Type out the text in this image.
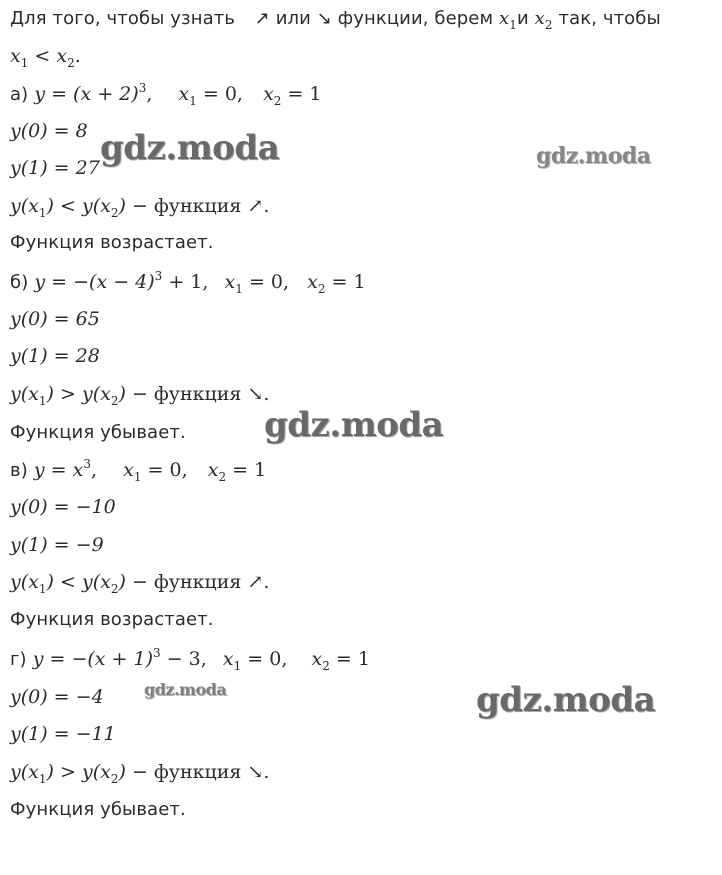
Для того, чтобы узнать ↗ или ↘ функции, берем $x_1и$ $x_2$ так, чтобы
$x_1 < x_2$.
а) $y = (x + 2)^3$, $x_1 = 0$, $x_2 = 1$
y(0) = 8
y(1) = 27
$y(x_1) < y(x_2)$ − функция ↗.
Функция возрастает.
б) $y = -(x - 4)^3 + 1$, $x_1 = 0$, $x_2 = 1$
y(0) = 65
y(1) = 28
$y(x_1) > y(x_2)$ − функция ↘.
Функция убывает.
в) $y = x^3$, $x_1 = 0$, $x_2 = 1$
y(0) = −10
y(1) = −9
$y(x_1) < y(x_2)$ − функция ↗.
Функция возрастает.
г) $y = -(x + 1)^3 - 3$, $x_1 = 0$, $x_2 = 1$
y(0) = −4
y(1) = −11
$y(x_1) > y(x_2)$ − функция ↘.
Функция убывает.
gdz.moda	gdz.moda
gdz.moda
gdz.moda	gdz.moda
